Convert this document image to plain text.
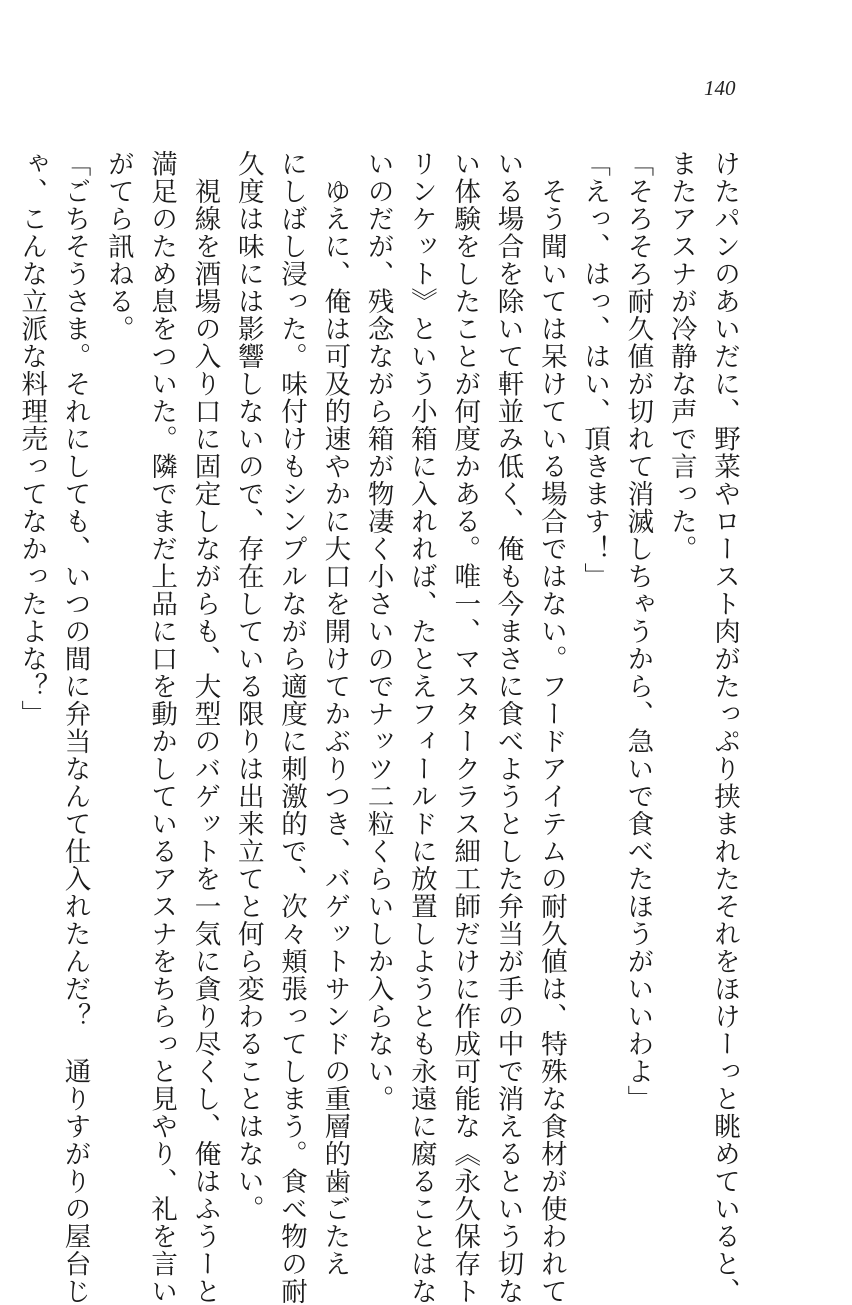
140
けたパンのあいだに、野菜やロースト肉がたっぷり挟まれたそれをほけーっと眺めていると、
またアスナが冷静な声で言った。
「そろそろ耐久値が切れて消滅しちゃうから、急いで食べたほうがいいわよ」
「えっ、はっ、はい、頂きます！」
　そう聞いては呆けている場合ではない。フードアイテムの耐久値は、特殊な食材が使われて
いる場合を除いて軒並み低く、俺も今まさに食べようとした弁当が手の中で消えるという切な
い体験をしたことが何度かある。唯一、マスタークラス細工師だけに作成可能な《永久保存ト
リンケット》という小箱に入れれば、たとえフィールドに放置しようとも永遠に腐ることはな
いのだが、残念ながら箱が物凄く小さいのでナッツ二粒くらいしか入らない。
　ゆえに、俺は可及的速やかに大口を開けてかぶりつき、バゲットサンドの重層的歯ごたえ
にしばし浸った。味付けもシンプルながら適度に刺激的で、次々頬張ってしまう。食べ物の耐
久度は味には影響しないので、存在している限りは出来立てと何ら変わることはない。
　視線を酒場の入り口に固定しながらも、大型のバゲットを一気に貪り尽くし、俺はふうーと
満足のため息をついた。隣でまだ上品に口を動かしているアスナをちらっと見やり、礼を言い
がてら訊ねる。
「ごちそうさま。それにしても、いつの間に弁当なんて仕入れたんだ？　通りすがりの屋台じ
ゃ、こんな立派な料理売ってなかったよな？」
